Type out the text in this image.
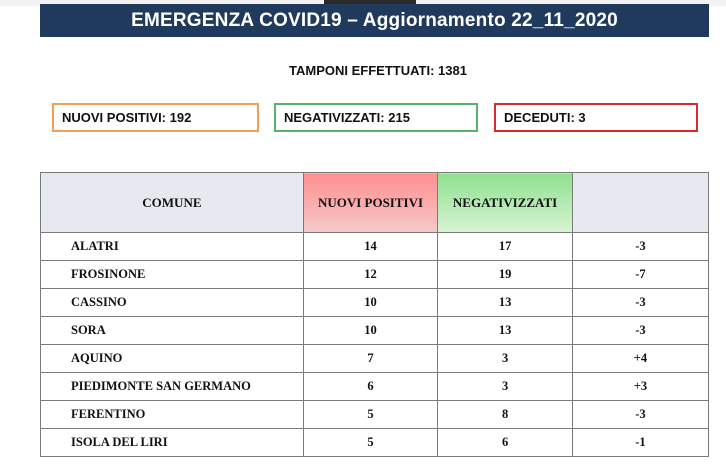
EMERGENZA COVID19 – Aggiornamento 22_11_2020
TAMPONI EFFETTUATI: 1381
NUOVI POSITIVI: 192	NEGATIVIZZATI: 215	DECEDUTI: 3
COMUNE	NUOVI POSITIVI	NEGATIVIZZATI	
ALATRI	14	17	-3
FROSINONE	12	19	-7
CASSINO	10	13	-3
SORA	10	13	-3
AQUINO	7	3	+4
PIEDIMONTE SAN GERMANO	6	3	+3
FERENTINO	5	8	-3
ISOLA DEL LIRI	5	6	-1
